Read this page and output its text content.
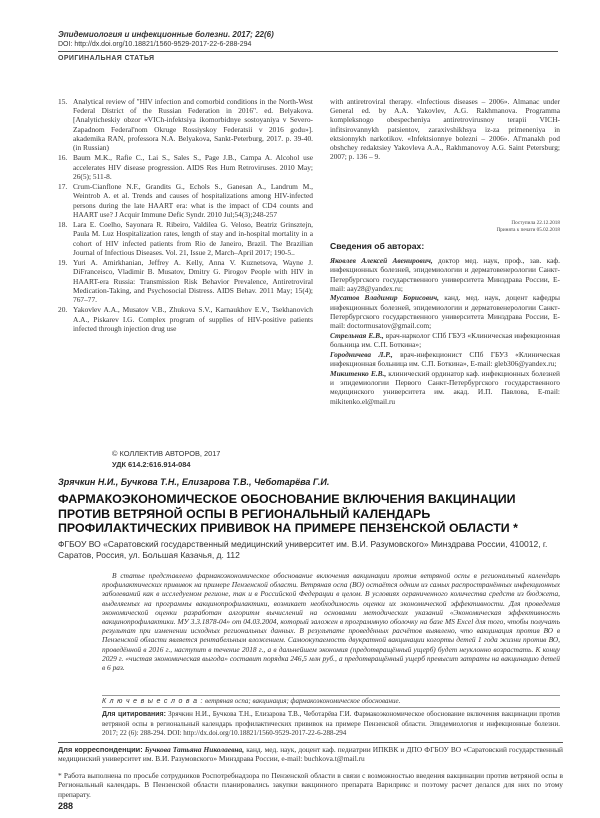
Эпидемиология и инфекционные болезни. 2017; 22(6)
DOI: http://dx.doi.org/10.18821/1560-9529-2017-22-6-288-294
ОРИГИНАЛЬНАЯ СТАТЬЯ
15. Analytical review of "HIV infection and comorbid conditions in the North-West Federal District of the Russian Federation in 2016". ed. Belyakova. [Analyticheskiy obzor «VICh-infektsiya ikomorbidnye sostoyaniya v Severo-Zapadnom Federal'nom Okruge Rossiyskoy Federatsii v 2016 godu»]. akademika RAN, professora N.A. Belyakova, Sankt-Peterburg, 2017. p. 39-40. (in Russian)
16. Baum M.K., Rafie C., Lai S., Sales S., Page J.B., Campa A. Alcohol use accelerates HIV disease progression. AIDS Res Hum Retroviruses. 2010 May; 26(5); 511-8.
17. Crum-Cianflone N.F., Grandits G., Echols S., Ganesan A., Landrum M., Weintrob A. et al. Trends and causes of hospitalizations among HIV-infected persons during the late HAART era: what is the impact of CD4 counts and HAART use? J Acquir Immune Defic Syndr. 2010 Jul;54(3);248-257
18. Lara E. Coelho, Sayonara R. Ribeiro, Valdilea G. Veloso, Beatriz Grinsztejn, Paula M. Luz Hospitalization rates, length of stay and in-hospital mortality in a cohort of HIV infected patients from Rio de Janeiro, Brazil. The Brazilian Journal of Infectious Diseases. Vol. 21, Issue 2, March–April 2017; 190-5..
19. Yuri A. Amirkhanian, Jeffrey A. Kelly, Anna V. Kuznetsova, Wayne J. DiFranceisco, Vladimir B. Musatov, Dmitry G. Pirogov People with HIV in HAART-era Russia: Transmission Risk Behavior Prevalence, Antiretroviral Medication-Taking, and Psychosocial Distress. AIDS Behav. 2011 May; 15(4); 767–77.
20. Yakovlev A.A., Musatov V.B., Zhukova S.V., Karnaukhov E.V., Tsekhanovich A.A., Piskarev I.G. Complex program of supplies of HIV-positive patients infected through injection drug use
with antiretroviral therapy. «Infectious diseases – 2006». Almanac under General ed. by A.A. Yakovlev, A.G. Rakhmanova. Programma kompleksnogo obespecheniya antiretrovirusnoy terapii VICH-infitsirovannykh patsientov, zaraxivshikhsya iz-za primeneniya in ektsionnykh narkotikov. «Infektsionnye bolezni – 2006». Al'manakh pod obshchey redaktsiey Yakovleva A.A., Rakhmanovoy A.G. Saint Petersburg; 2007; p. 136 – 9.
Поступила 22.12.2018
Принята к печати 05.02.2018
Сведения об авторах:
Яковлев Алексей Авенирович, доктор мед. наук, проф., зав. каф. инфекционных болезней, эпидемиологии и дерматовенерологии Санкт-Петербургского государственного университета Минздрава России, E-mail: aay28@yandex.ru;
Мусатов Владимир Борисович, канд. мед. наук, доцент кафедры инфекционных болезней, эпидемиологии и дерматовенерологии Санкт-Петербургского государственного университета Минздрава России, E-mail: doctormusatov@gmail.com;
Стрельная Е.В., врач-нарколог СПб ГБУЗ «Клиническая инфекционная больница им. С.П. Боткина»;
Городничева Л.Р., врач-инфекционист СПб ГБУЗ «Клиническая инфекционная больница им. С.П. Боткина», E-mail: glebЗ06@yandex.ru;
Микитенко Е.В., клинический ординатор каф. инфекционных болезней и эпидемиологии Первого Санкт-Петербургского государственного медицинского университета им. акад. И.П. Павлова, E-mail: mikitenko.el@mail.ru
© КОЛЛЕКТИВ АВТОРОВ, 2017
УДК 614.2:616.914-084
Зрячкин Н.И., Бучкова Т.Н., Елизарова Т.В., Чеботарёва Г.И.
ФАРМАКОЭКОНОМИЧЕСКОЕ ОБОСНОВАНИЕ ВКЛЮЧЕНИЯ ВАКЦИНАЦИИ ПРОТИВ ВЕТРЯНОЙ ОСПЫ В РЕГИОНАЛЬНЫЙ КАЛЕНДАРЬ ПРОФИЛАКТИЧЕСКИХ ПРИВИВОК НА ПРИМЕРЕ ПЕНЗЕНСКОЙ ОБЛАСТИ *
ФГБОУ ВО «Саратовский государственный медицинский университет им. В.И. Разумовского» Минздрава России, 410012, г. Саратов, Россия, ул. Большая Казачья, д. 112
В статье представлено фармакоэкономическое обоснование включения вакцинации против ветряной оспы в региональный календарь профилактических прививок на примере Пензенской области. Ветряная оспа (ВО) остаётся одним из самых распространённых инфекционных заболеваний как в исследуемом регионе, так и в Российской Федерации в целом. В условиях ограниченного количества средств из бюджета, выделяемых на программы вакцинопрофилактики, возникает необходимость оценки их экономической эффективности. Для проведения экономической оценки разработан алгоритм вычислений на основании методических указаний «Экономическая эффективность вакцинопрофилактики. МУ 3.3.1878-04» от 04.03.2004, который заложен в программную оболочку на базе MS Excel для того, чтобы получать результат при изменении исходных региональных данных. В результате проведённых расчётов выявлено, что вакцинация против ВО в Пензенской области является рентабельным вложением. Самоокупаемость двукратной вакцинации когорты детей 1 года жизни против ВО, проведённой в 2016 г., наступит в течение 2018 г., а в дальнейшем экономия (предотвращённый ущерб) будет неуклонно возрастать. К концу 2029 г. «чистая экономическая выгода» составит порядка 246,5 млн руб., а предотвращённый ущерб превысит затраты на вакцинацию детей в 6 раз.
К л ю ч е в ы е с л о в а : ветряная оспа; вакцинация; фармакоэкономическое обоснование.
Для цитирования: Зрячкин Н.И., Бучкова Т.Н., Елизарова Т.В., Чеботарёва Г.И. Фармакоэкономическое обоснование включения вакцинации против ветряной оспы в региональный календарь профилактических прививок на примере Пензенской области. Эпидемиология и инфекционные болезни. 2017; 22 (6): 288-294. DOI: http://dx.doi.org/10.18821/1560-9529-2017-22-6-288-294
Для корреспонденции: Бучкова Татьяна Николаевна, канд. мед. наук, доцент каф. педиатрии ИПКВК и ДПО ФГБОУ ВО «Саратовский государственный медицинский университет им. В.И. Разумовского» Минздрава России, e-mail: buchkova.t@mail.ru
* Работа выполнена по просьбе сотрудников Роспотребнадзора по Пензенской области в связи с возможностью введения вакцинации против ветряной оспы в Региональный календарь. В Пензенской области планировались закупки вакцинного препарата Варилрикс и поэтому расчет делался для них по этому препарату.
288
